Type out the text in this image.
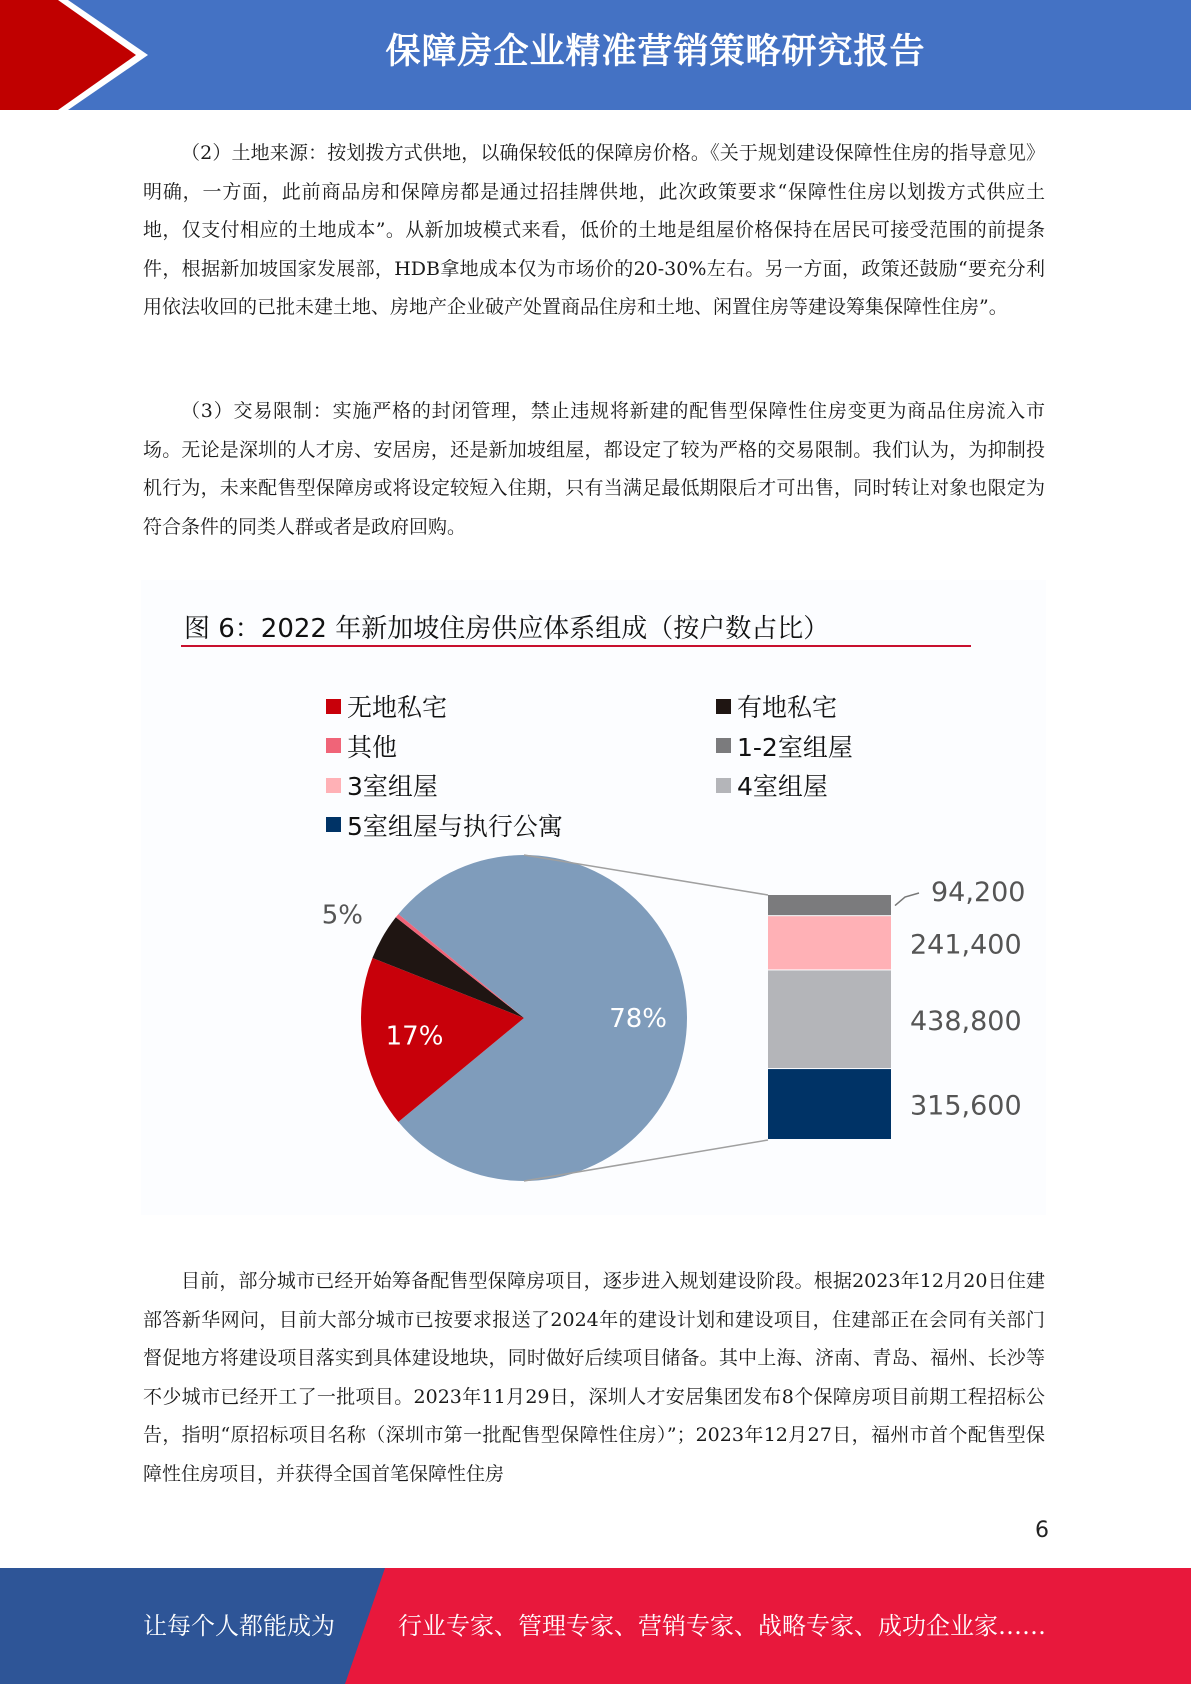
保障房企业精准营销策略研究报告

（2）土地来源：按划拨方式供地，以确保较低的保障房价格。《关于规划建设保障性住房的指导意见》明确，一方面，此前商品房和保障房都是通过招挂牌供地，此次政策要求“保障性住房以划拨方式供应土地，仅支付相应的土地成本”。从新加坡模式来看，低价的土地是组屋价格保持在居民可接受范围的前提条件，根据新加坡国家发展部，HDB拿地成本仅为市场价的20-30%左右。另一方面，政策还鼓励“要充分利用依法收回的已批未建土地、房地产企业破产处置商品住房和土地、闲置住房等建设筹集保障性住房”。

（3）交易限制：实施严格的封闭管理，禁止违规将新建的配售型保障性住房变更为商品住房流入市场。无论是深圳的人才房、安居房，还是新加坡组屋，都设定了较为严格的交易限制。我们认为，为抑制投机行为，未来配售型保障房或将设定较短入住期，只有当满足最低期限后才可出售，同时转让对象也限定为符合条件的同类人群或者是政府回购。

78%
17%
5%
94,200
241,400
438,800
315,600
图 6：2022 年新加坡住房供应体系组成（按户数占比）
无地私宅	有地私宅
其他	1-2室组屋
3室组屋	4室组屋
5室组屋与执行公寓

目前，部分城市已经开始筹备配售型保障房项目，逐步进入规划建设阶段。根据2023年12月20日住建部答新华网问，目前大部分城市已按要求报送了2024年的建设计划和建设项目，住建部正在会同有关部门督促地方将建设项目落实到具体建设地块，同时做好后续项目储备。其中上海、济南、青岛、福州、长沙等不少城市已经开工了一批项目。2023年11月29日，深圳人才安居集团发布8个保障房项目前期工程招标公告，指明“原招标项目名称（深圳市第一批配售型保障性住房）”；2023年12月27日，福州市首个配售型保障性住房项目，并获得全国首笔保障性住房

6
让每个人都能成为	行业专家、管理专家、营销专家、战略专家、成功企业家……
